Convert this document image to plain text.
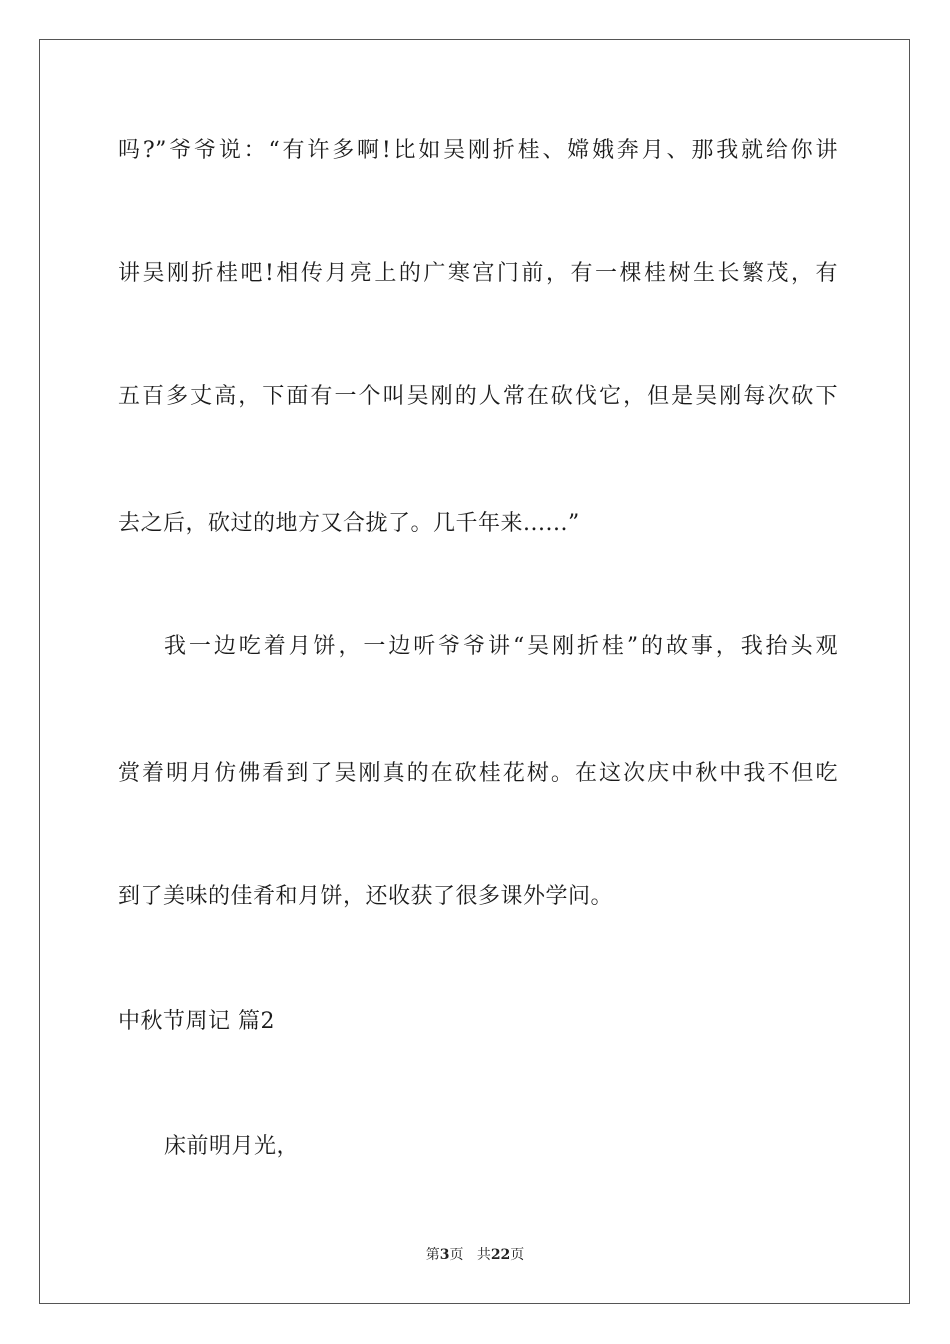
吗?”爷爷说：“有许多啊!比如吴刚折桂、嫦娥奔月、那我就给你讲
讲吴刚折桂吧!相传月亮上的广寒宫门前，有一棵桂树生长繁茂，有
五百多丈高，下面有一个叫吴刚的人常在砍伐它，但是吴刚每次砍下
去之后，砍过的地方又合拢了。几千年来......”
我一边吃着月饼，一边听爷爷讲“吴刚折桂”的故事，我抬头观
赏着明月仿佛看到了吴刚真的在砍桂花树。在这次庆中秋中我不但吃
到了美味的佳肴和月饼，还收获了很多课外学问。
中秋节周记 篇2
床前明月光，
第3页 共22页
